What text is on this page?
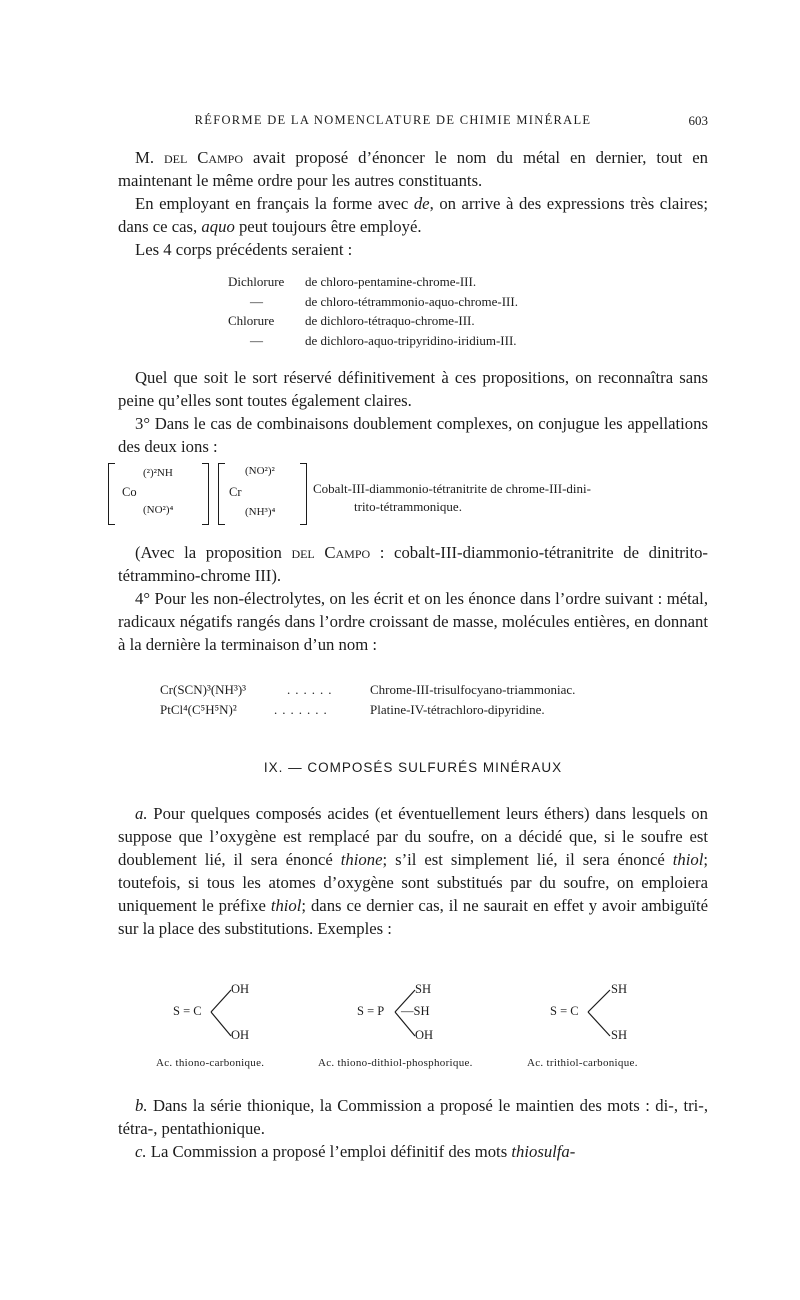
RÉFORME DE LA NOMENCLATURE DE CHIMIE MINÉRALE	603
M. del Campo avait proposé d’énoncer le nom du métal en dernier, tout en maintenant le même ordre pour les autres constituants.
En employant en français la forme avec de, on arrive à des expressions très claires; dans ce cas, aquo peut toujours être employé.
Les 4 corps précédents seraient :
Dichlorure de chloro-pentamine-chrome-III.
—	de chloro-tétrammonio-aquo-chrome-III.
Chlorure de dichloro-tétraquo-chrome-III.
—	de dichloro-aquo-tripyridino-iridium-III.
Quel que soit le sort réservé définitivement à ces propositions, on reconnaîtra sans peine qu’elles sont toutes également claires.
3° Dans le cas de combinaisons doublement complexes, on conjugue les appellations des deux ions :
(²)²NH
Co
(NO²)⁴
(NO²)²
Cr
(NH³)⁴
Cobalt-III-diammonio-tétranitrite de chrome-III-dini-
trito-tétrammonique.
(Avec la proposition del Campo : cobalt-III-diammonio-tétranitrite de dinitrito-tétrammino-chrome III).
4° Pour les non-électrolytes, on les écrit et on les énonce dans l’ordre suivant : métal, radicaux négatifs rangés dans l’ordre croissant de masse, molécules entières, en donnant à la dernière la terminaison d’un nom :
Cr(SCN)³(NH³)³	......	Chrome-III-trisulfocyano-triammoniac.
PtCl⁴(C⁵H⁵N)²	.......	Platine-IV-tétrachloro-dipyridine.
IX. — COMPOSÉS SULFURÉS MINÉRAUX
a. Pour quelques composés acides (et éventuellement leurs éthers) dans lesquels on suppose que l’oxygène est remplacé par du soufre, on a décidé que, si le soufre est doublement lié, il sera énoncé thione; s’il est simplement lié, il sera énoncé thiol; toutefois, si tous les atomes d’oxygène sont substitués par du soufre, on emploiera uniquement le préfixe thiol; dans ce dernier cas, il ne saurait en effet y avoir ambiguïté sur la place des substitutions. Exemples :
OH
S = C
OH
SH
S = P —SH
OH
SH
S = C
SH
Ac. thiono-carbonique.	Ac. thiono-dithiol-phosphorique.	Ac. trithiol-carbonique.
b. Dans la série thionique, la Commission a proposé le maintien des mots : di-, tri-, tétra-, pentathionique.
c. La Commission a proposé l’emploi définitif des mots thiosulfa-
